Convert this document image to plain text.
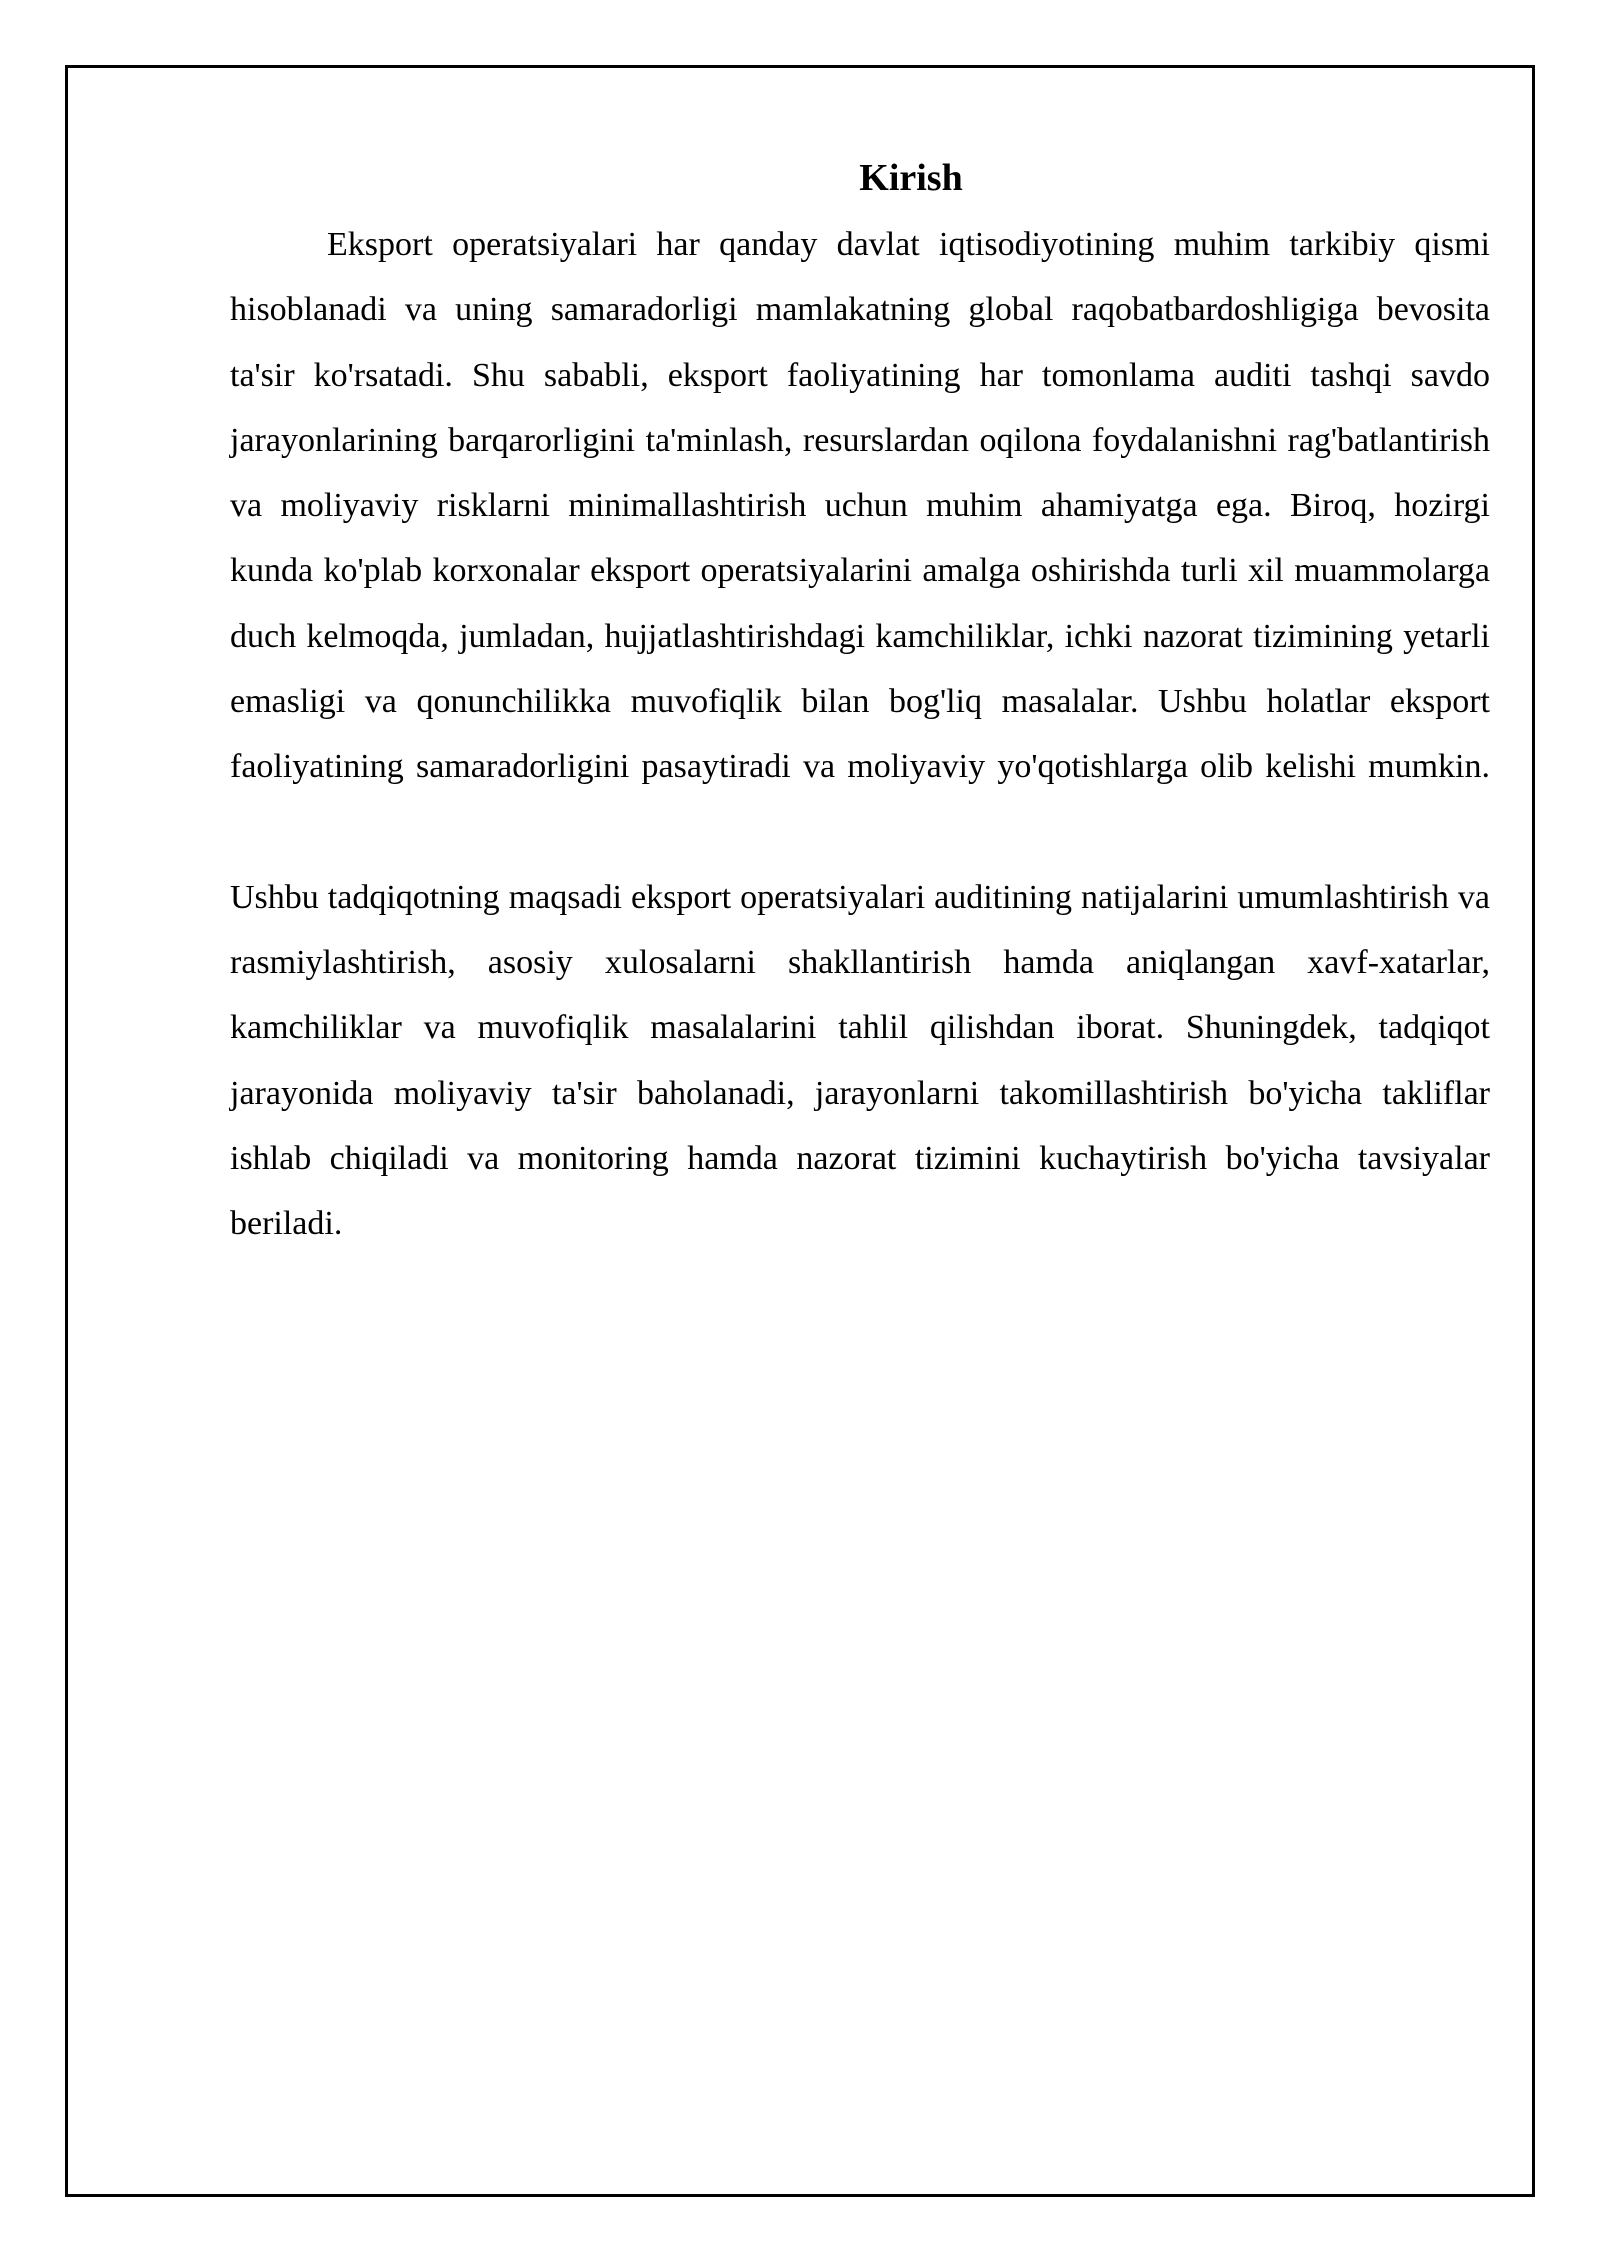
Kirish

Eksport operatsiyalari har qanday davlat iqtisodiyotining muhim tarkibiy qismi hisoblanadi va uning samaradorligi mamlakatning global raqobatbardoshligiga bevosita ta'sir ko'rsatadi. Shu sababli, eksport faoliyatining har tomonlama auditi tashqi savdo jarayonlarining barqarorligini ta'minlash, resurslardan oqilona foydalanishni rag'batlantirish va moliyaviy risklarni minimallashtirish uchun muhim ahamiyatga ega. Biroq, hozirgi kunda ko'plab korxonalar eksport operatsiyalarini amalga oshirishda turli xil muammolarga duch kelmoqda, jumladan, hujjatlashtirishdagi kamchiliklar, ichki nazorat tizimining yetarli emasligi va qonunchilikka muvofiqlik bilan bog'liq masalalar. Ushbu holatlar eksport faoliyatining samaradorligini pasaytiradi va moliyaviy yo'qotishlarga olib kelishi mumkin.

Ushbu tadqiqotning maqsadi eksport operatsiyalari auditining natijalarini umumlashtirish va rasmiylashtirish, asosiy xulosalarni shakllantirish hamda aniqlangan xavf-xatarlar, kamchiliklar va muvofiqlik masalalarini tahlil qilishdan iborat. Shuningdek, tadqiqot jarayonida moliyaviy ta'sir baholanadi, jarayonlarni takomillashtirish bo'yicha takliflar ishlab chiqiladi va monitoring hamda nazorat tizimini kuchaytirish bo'yicha tavsiyalar beriladi.
